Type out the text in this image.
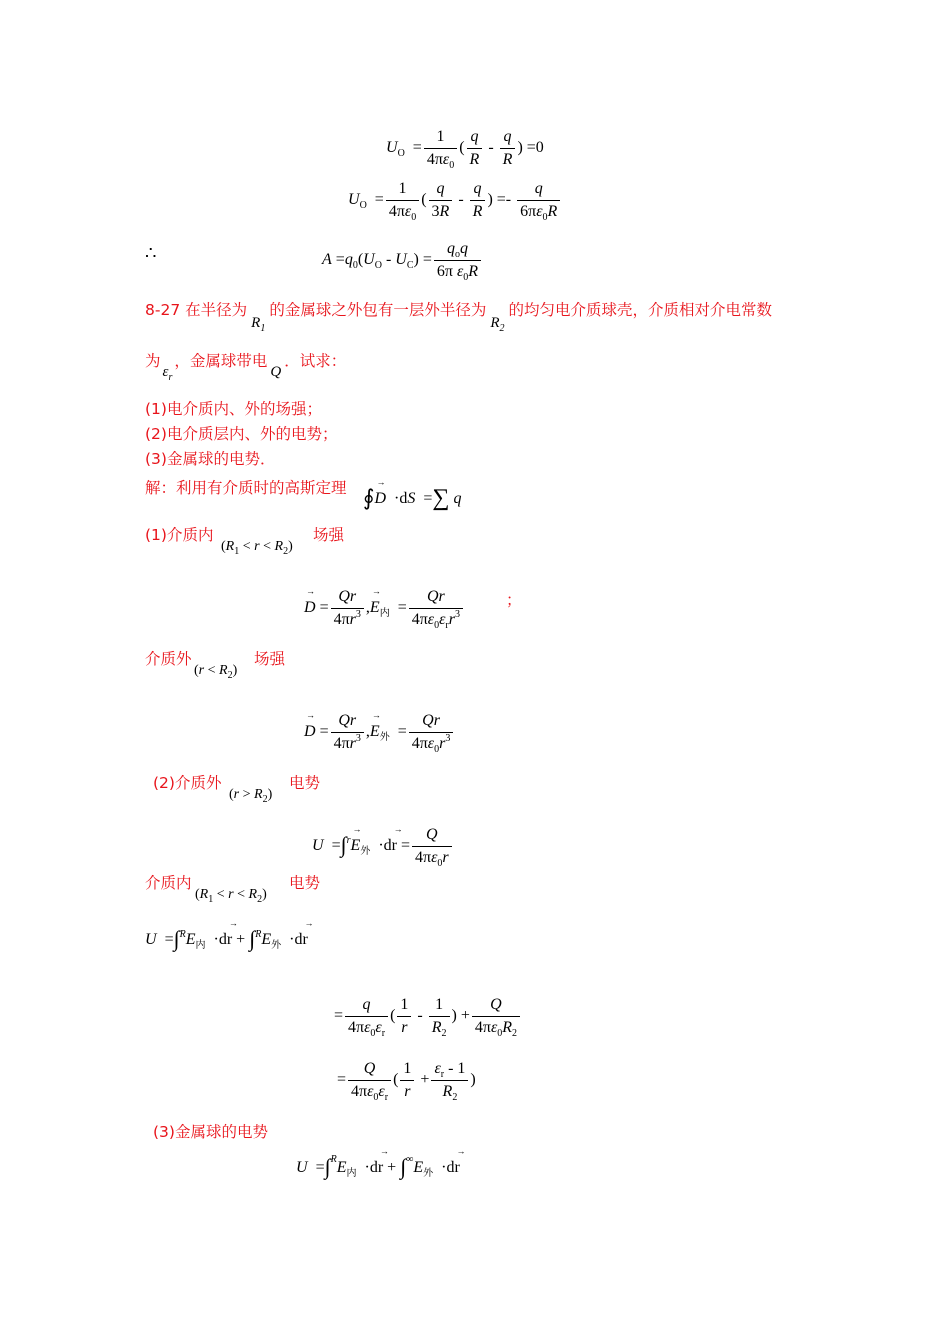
$U_O = \frac{1}{4\pi\varepsilon_0}$ ( $\frac{q}{R} - \frac{q}{R}$ ) =0
$U_O = \frac{1}{4\pi\varepsilon_0}$ ( $\frac{q}{3R} - \frac{q}{R}$ ) =- $\frac{q}{6\pi\varepsilon_0R}$
∴	$A =q_0(U_O - U_C) = \frac{q_oq}{6\pi \varepsilon_0R}$
8-27 在半径为$R_1$的金属球之外包有一层外半径为$R_2$的均匀电介质球壳，介质相对介电常数
为$\varepsilon_r$，金属球带电Q．试求：
(1)电介质内、外的场强；
(2)电介质层内、外的电势；
(3)金属球的电势．
解：利用有介质时的高斯定理 ∮→ D  ·dS  =∑ q
(1)介质内
$(R_1 < r < R_2)$
场强
→ $D = \frac{Qr}{4\pi r^3}$ ,→ $E_内 = \frac{Qr}{4\pi\varepsilon_0\varepsilon_rr^3}$	；
介质外
$(r < R_2)$
场强
→ $D = \frac{Qr}{4\pi r^3}$ ,→ $E_外 = \frac{Qr}{4\pi\varepsilon_0r^3}$
(2)介质外
$(r > R_2)$
电势
$U =\int^r\to E_外 \cdot d\to r = \frac{Q}{4\pi\varepsilon_0r}$
介质内
$(R_1 < r < R_2)$
电势
$U =\int^RE_内 \cdot d\to r + \int^RE_外 \cdot d\to r$
= $\frac{q}{4\pi\varepsilon_0\varepsilon_r}$ ( $\frac{1}{r} - \frac{1}{R_2}$ ) + $\frac{Q}{4\pi\varepsilon_0R_2}$
= $\frac{Q}{4\pi\varepsilon_0\varepsilon_r}$ ( $\frac{1}{r} + \frac{\varepsilon_r - 1}{R_2}$ )
(3)金属球的电势
$U =\int^RE_内 \cdot d\to r + \int^\infty E_外 \cdot d\to r$
